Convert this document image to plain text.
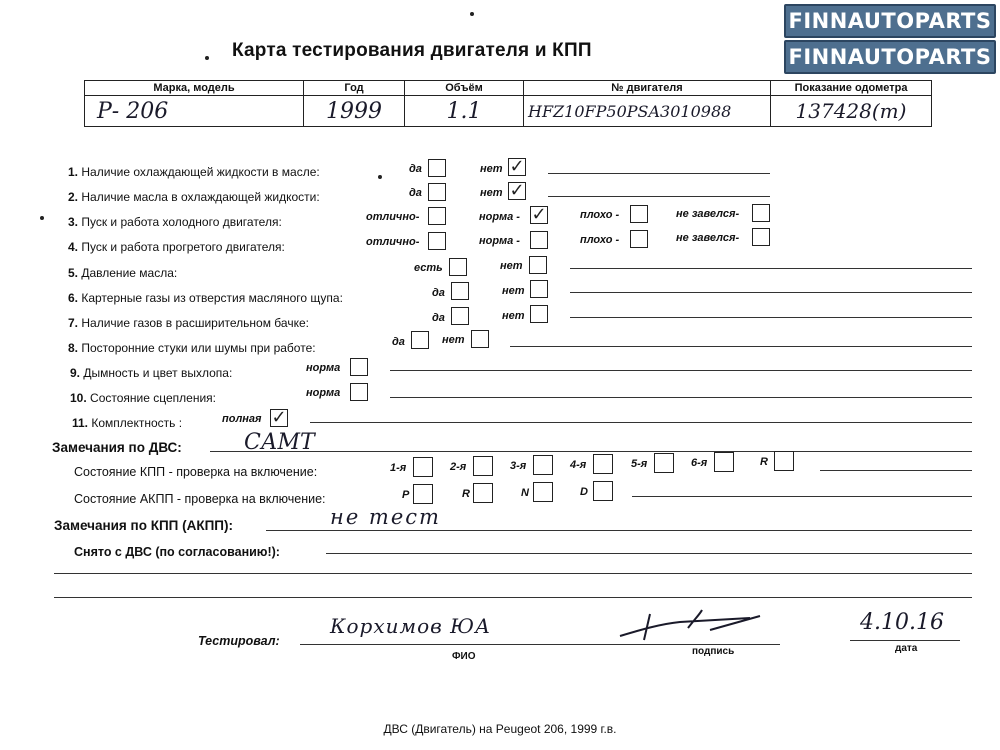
FINNAUTOPARTS
FINNAUTOPARTS
Карта тестирования двигателя и КПП
Марка, модель	Год	Объём	№ двигателя	Показание одометра
Р- 206	1999	1.1	HFZ10FP50PSA3010988	137428(m)
1. Наличие охлаждающей жидкости в масле:	да	нет ✓
2. Наличие масла в охлаждающей жидкости:	да	нет ✓
3. Пуск и работа холодного двигателя:	отлично-	норма - ✓	плохо -	не завелся-
4. Пуск и работа прогретого двигателя:	отлично-	норма -	плохо -	не завелся-
5. Давление масла:	есть	нет
6. Картерные газы из отверстия масляного щупа:	да	нет
7. Наличие газов в расширительном бачке:	да	нет
8. Посторонние стуки или шумы при работе:	да	нет
9. Дымность и цвет выхлопа:	норма
10. Состояние сцепления:	норма
11. Комплектность :	полная ✓
Замечания по ДВС:	САМТ
Состояние КПП - проверка на включение:	1-я	2-я	3-я	4-я	5-я	6-я	R
Состояние АКПП - проверка на включение:	P	R	N	D
Замечания по КПП (АКПП):	не тест
Снято с ДВС (по согласованию!):
Тестировал:
Корхимов ЮА	4.10.16
ФИО	подпись	дата
ДВС (Двигатель) на Peugeot 206, 1999 г.в.
